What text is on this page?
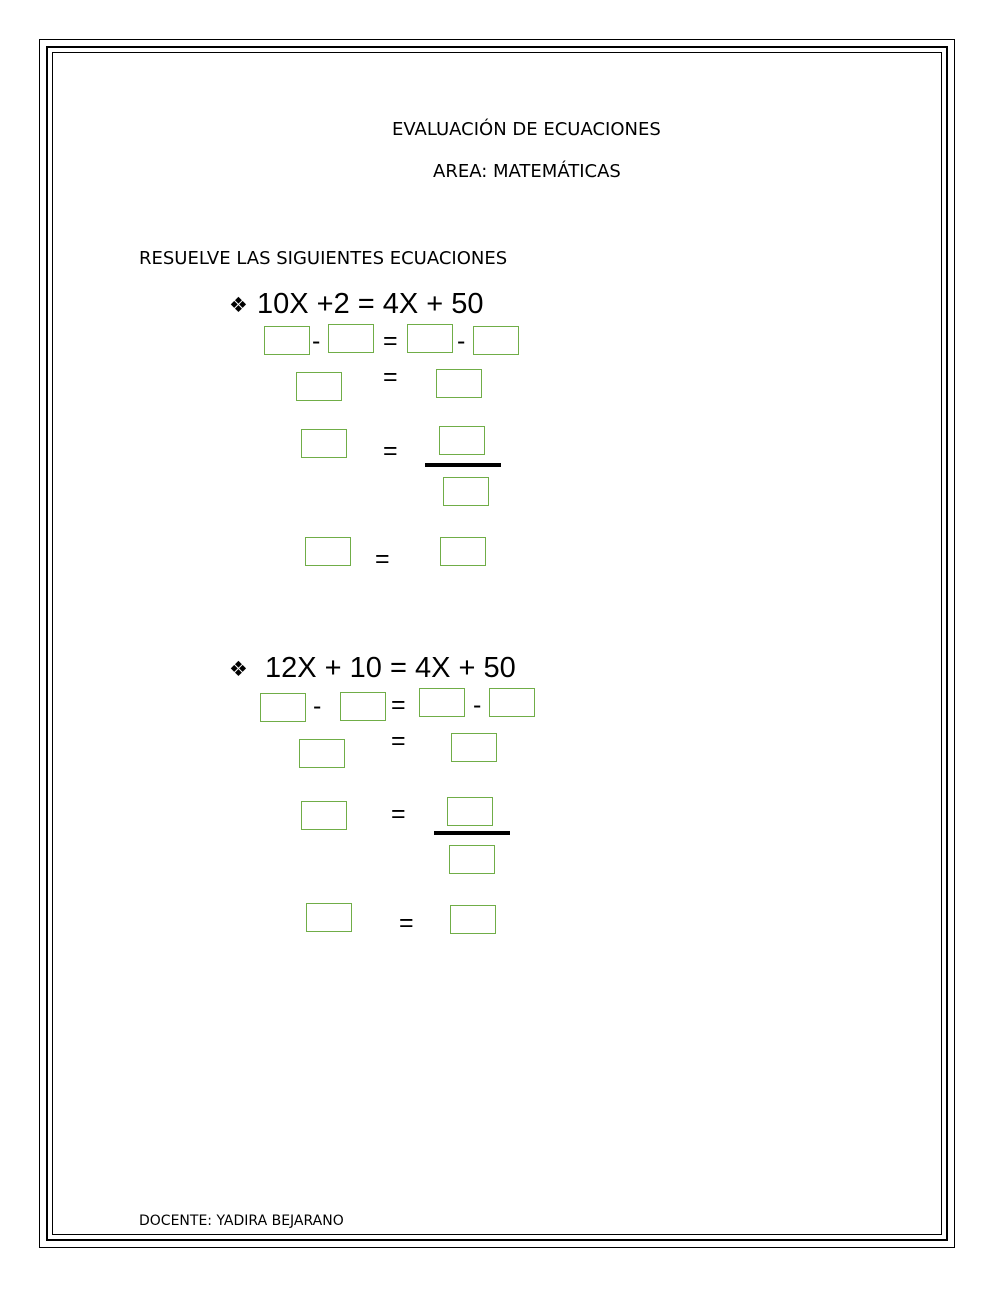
EVALUACIÓN DE ECUACIONES
AREA: MATEMÁTICAS
RESUELVE LAS SIGUIENTES ECUACIONES
❖ 10X +2 = 4X + 50
-	= -
=
=
=
❖ 12X + 10 = 4X + 50
-	=	-
=
=
=
DOCENTE: YADIRA BEJARANO
